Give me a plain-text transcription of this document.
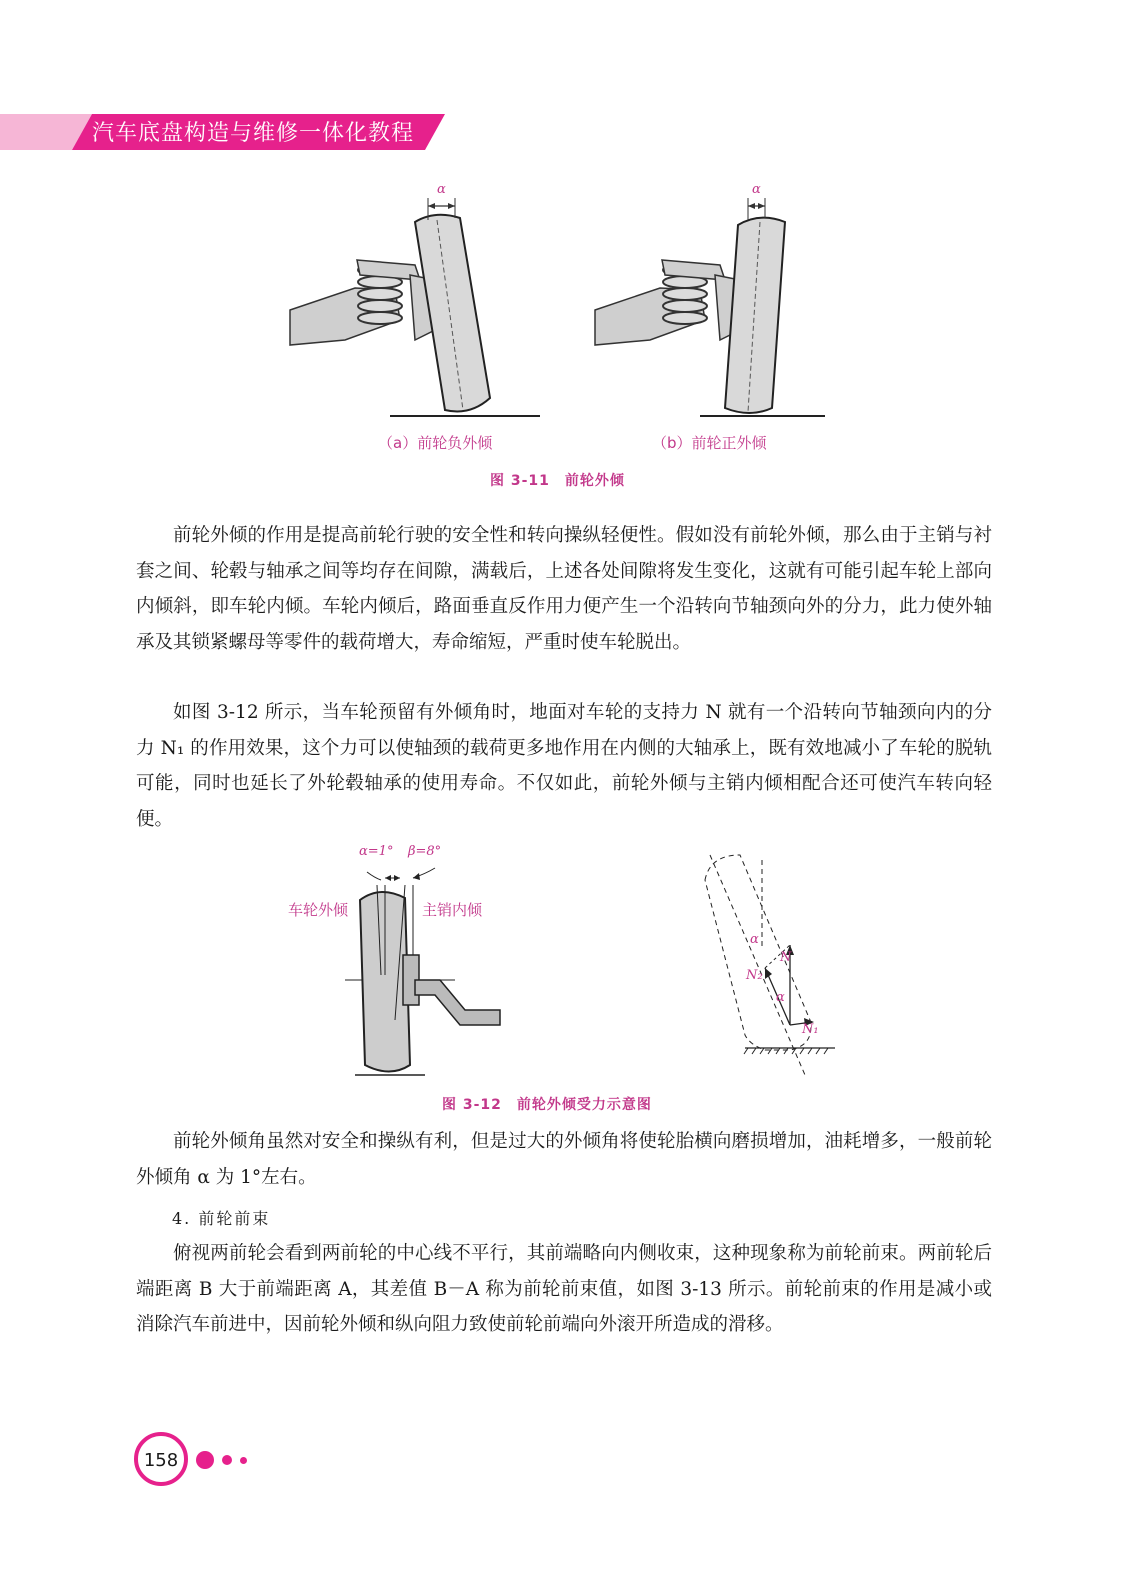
汽车底盘构造与维修一体化教程
α	α
（a）前轮负外倾	（b）前轮正外倾
图 3-11　前轮外倾

前轮外倾的作用是提高前轮行驶的安全性和转向操纵轻便性。假如没有前轮外倾，那么由于主销与衬套之间、轮毂与轴承之间等均存在间隙，满载后，上述各处间隙将发生变化，这就有可能引起车轮上部向内倾斜，即车轮内倾。车轮内倾后，路面垂直反作用力便产生一个沿转向节轴颈向外的分力，此力使外轴承及其锁紧螺母等零件的载荷增大，寿命缩短，严重时使车轮脱出。

如图 3-12 所示，当车轮预留有外倾角时，地面对车轮的支持力 N 就有一个沿转向节轴颈向内的分力 N₁ 的作用效果，这个力可以使轴颈的载荷更多地作用在内侧的大轴承上，既有效地减小了车轮的脱轨可能，同时也延长了外轮毂轴承的使用寿命。不仅如此，前轮外倾与主销内倾相配合还可使汽车转向轻便。

α=1° β=8°
车轮外倾	主销内倾
α
N
N₂
α
N₁
图 3-12　前轮外倾受力示意图

前轮外倾角虽然对安全和操纵有利，但是过大的外倾角将使轮胎横向磨损增加，油耗增多，一般前轮外倾角 α 为 1°左右。

4. 前轮前束

俯视两前轮会看到两前轮的中心线不平行，其前端略向内侧收束，这种现象称为前轮前束。两前轮后端距离 B 大于前端距离 A，其差值 B－A 称为前轮前束值，如图 3-13 所示。前轮前束的作用是减小或消除汽车前进中，因前轮外倾和纵向阻力致使前轮前端向外滚开所造成的滑移。

158
